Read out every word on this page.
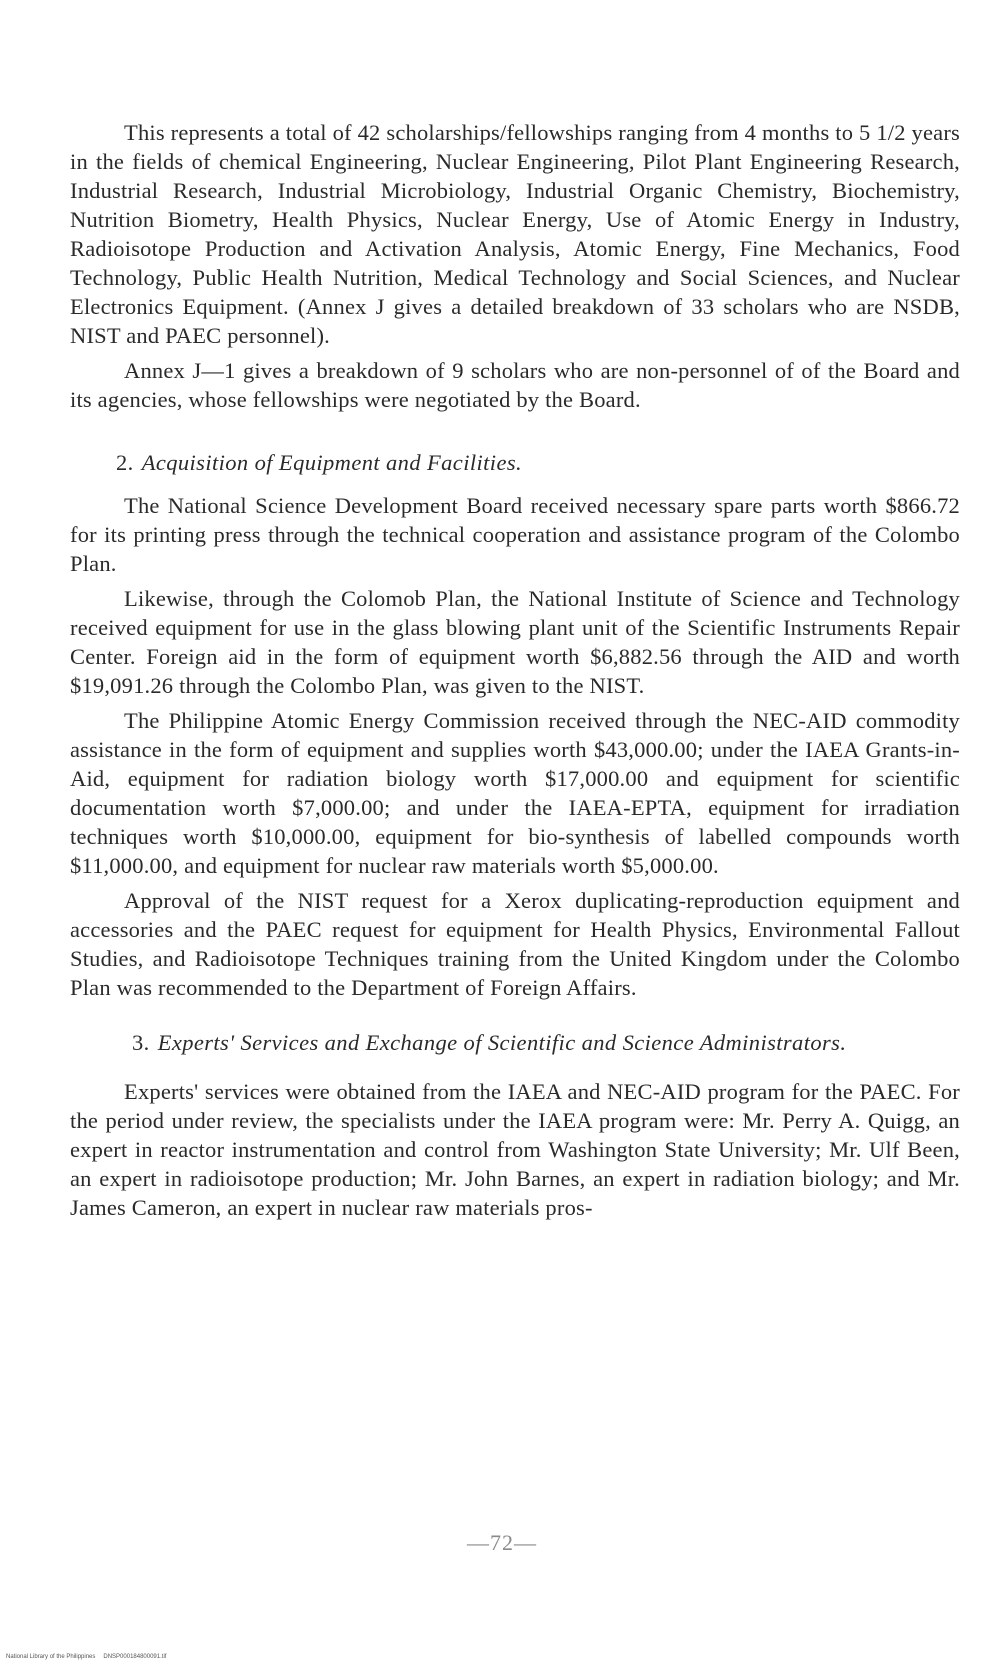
This represents a total of 42 scholarships/fellowships ranging from 4 months to 5 1/2 years in the fields of chemical Engineering, Nuclear Engineering, Pilot Plant Engineering Research, Industrial Research, Industrial Microbiology, Industrial Organic Chemistry, Biochemistry, Nutrition Biometry, Health Physics, Nuclear Energy, Use of Atomic Energy in Industry, Radioisotope Production and Activation Analysis, Atomic Energy, Fine Mechanics, Food Technology, Public Health Nutrition, Medical Technology and Social Sciences, and Nuclear Electronics Equipment. (Annex J gives a detailed breakdown of 33 scholars who are NSDB, NIST and PAEC personnel).

Annex J—1 gives a breakdown of 9 scholars who are non-personnel of of the Board and its agencies, whose fellowships were negotiated by the Board.

2. Acquisition of Equipment and Facilities.

The National Science Development Board received necessary spare parts worth $866.72 for its printing press through the technical cooperation and assistance program of the Colombo Plan.

Likewise, through the Colomob Plan, the National Institute of Science and Technology received equipment for use in the glass blowing plant unit of the Scientific Instruments Repair Center. Foreign aid in the form of equipment worth $6,882.56 through the AID and worth $19,091.26 through the Colombo Plan, was given to the NIST.

The Philippine Atomic Energy Commission received through the NEC-AID commodity assistance in the form of equipment and supplies worth $43,000.00; under the IAEA Grants-in-Aid, equipment for radiation biology worth $17,000.00 and equipment for scientific documentation worth $7,000.00; and under the IAEA-EPTA, equipment for irradiation techniques worth $10,000.00, equipment for bio-synthesis of labelled compounds worth $11,000.00, and equipment for nuclear raw materials worth $5,000.00.

Approval of the NIST request for a Xerox duplicating-reproduction equipment and accessories and the PAEC request for equipment for Health Physics, Environmental Fallout Studies, and Radioisotope Techniques training from the United Kingdom under the Colombo Plan was recommended to the Department of Foreign Affairs.

3. Experts' Services and Exchange of Scientific and Science Administrators.

Experts' services were obtained from the IAEA and NEC-AID program for the PAEC. For the period under review, the specialists under the IAEA program were: Mr. Perry A. Quigg, an expert in reactor instrumentation and control from Washington State University; Mr. Ulf Been, an expert in radioisotope production; Mr. John Barnes, an expert in radiation biology; and Mr. James Cameron, an expert in nuclear raw materials pros-

—72—
National Library of the Philippines DNSP000184800091.tif
